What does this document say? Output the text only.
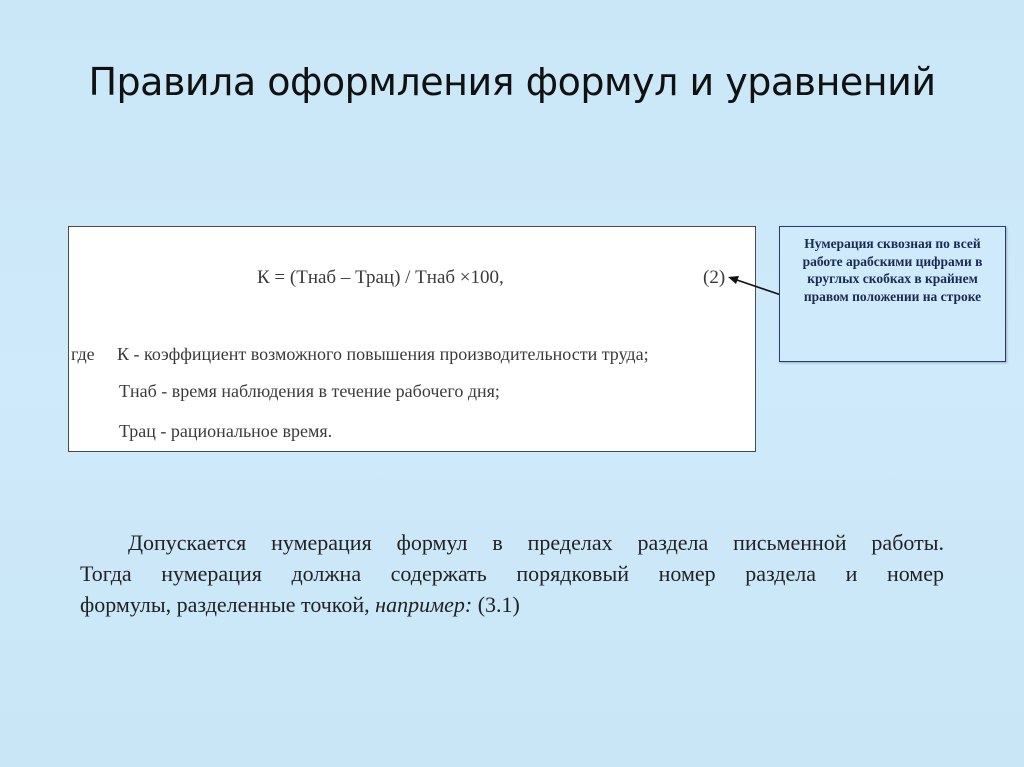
Правила оформления формул и уравнений
К = (Тнаб – Трац) / Тнаб ×100,	(2)
где К - коэффициент возможного повышения производительности труда;
Тнаб - время наблюдения в течение рабочего дня;
Трац - рациональное время.
Нумерация сквозная по всей работе арабскими цифрами в круглых скобках в крайнем правом положении на строке
Допускается нумерация формул в пределах раздела письменной работы.
Тогда нумерация должна содержать порядковый номер раздела и номер
формулы, разделенные точкой, например: (3.1)
